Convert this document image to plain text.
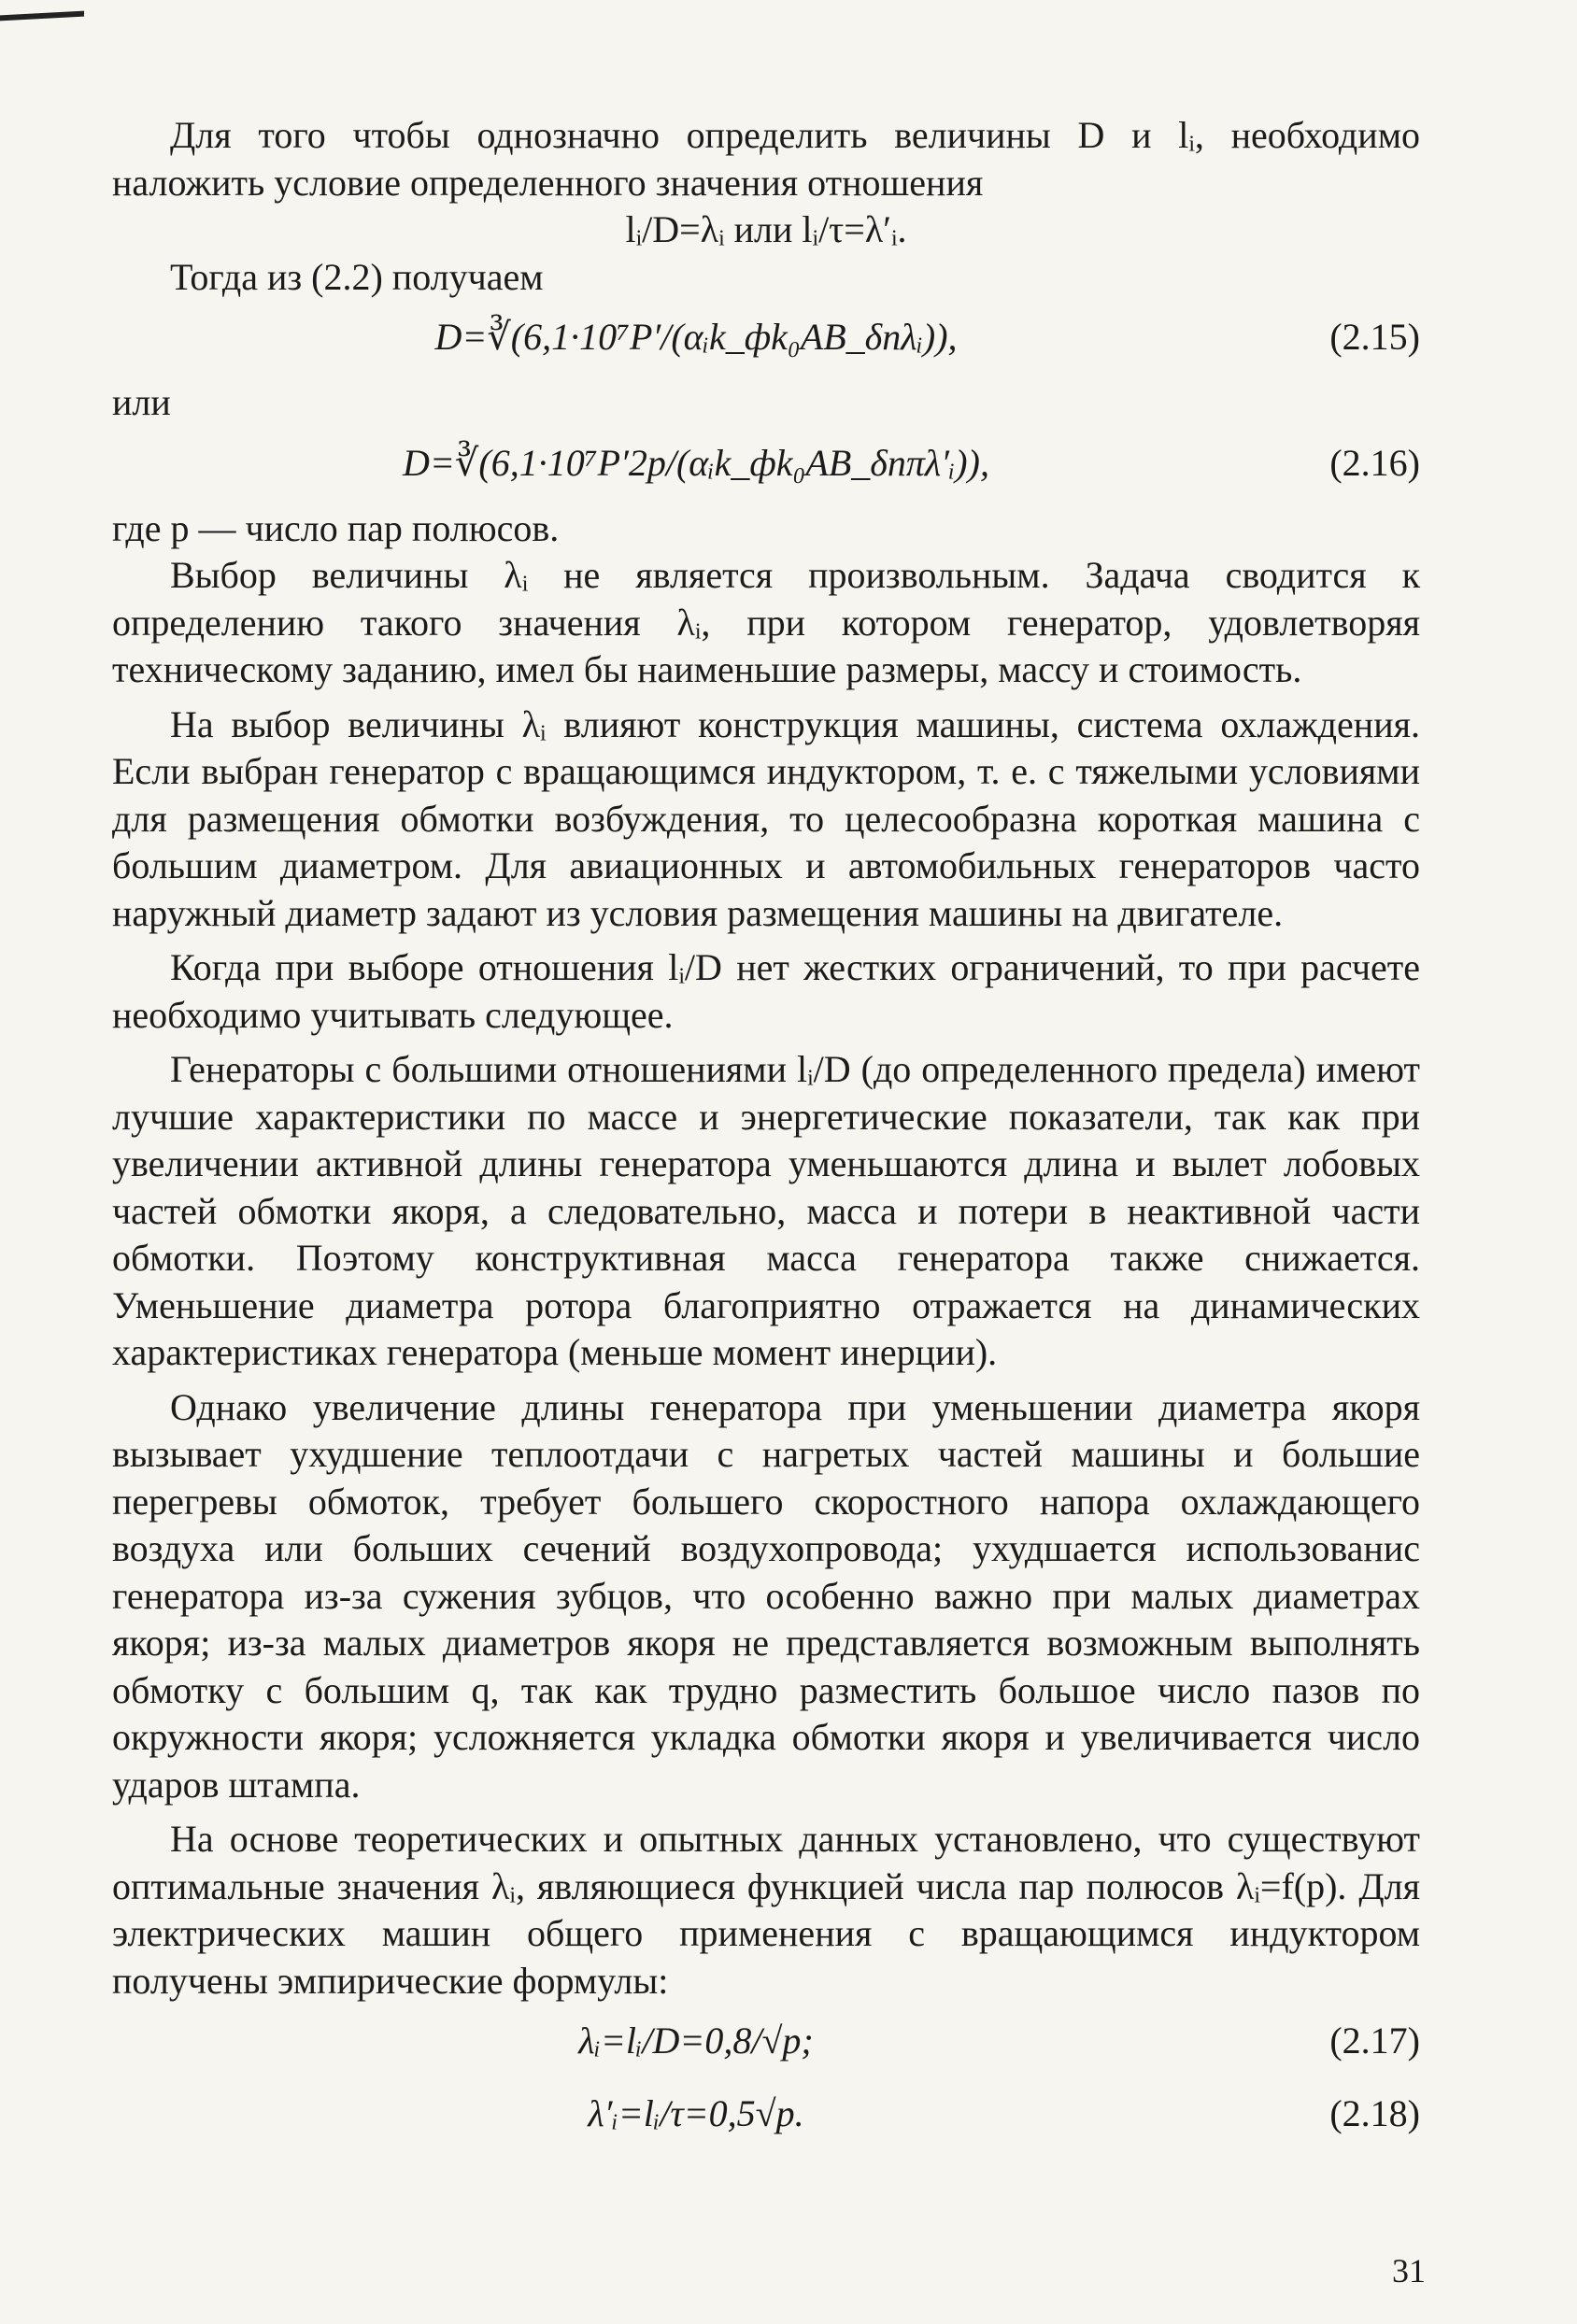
Для того чтобы однозначно определить величины D и lᵢ, необходимо наложить условие определенного значения отношения

lᵢ/D=λᵢ или lᵢ/τ=λ′ᵢ.

Тогда из (2.2) получаем

D=∛(6,1·10⁷P′/(αᵢk_фk₀AB_δnλᵢ)),	(2.15)

или

D=∛(6,1·10⁷P′2p/(αᵢk_фk₀AB_δnπλ′ᵢ)),	(2.16)

где p — число пар полюсов.

Выбор величины λᵢ не является произвольным. Задача сводится к определению такого значения λᵢ, при котором генератор, удовлетворяя техническому заданию, имел бы наименьшие размеры, массу и стоимость.

На выбор величины λᵢ влияют конструкция машины, система охлаждения. Если выбран генератор с вращающимся индуктором, т. е. с тяжелыми условиями для размещения обмотки возбуждения, то целесообразна короткая машина с большим диаметром. Для авиационных и автомобильных генераторов часто наружный диаметр задают из условия размещения машины на двигателе.

Когда при выборе отношения lᵢ/D нет жестких ограничений, то при расчете необходимо учитывать следующее.

Генераторы с большими отношениями lᵢ/D (до определенного предела) имеют лучшие характеристики по массе и энергетические показатели, так как при увеличении активной длины генератора уменьшаются длина и вылет лобовых частей обмотки якоря, а следовательно, масса и потери в неактивной части обмотки. Поэтому конструктивная масса генератора также снижается. Уменьшение диаметра ротора благоприятно отражается на динамических характеристиках генератора (меньше момент инерции).

Однако увеличение длины генератора при уменьшении диаметра якоря вызывает ухудшение теплоотдачи с нагретых частей машины и большие перегревы обмоток, требует большего скоростного напора охлаждающего воздуха или больших сечений воздухопровода; ухудшается использованис генератора из-за сужения зубцов, что особенно важно при малых диаметрах якоря; из-за малых диаметров якоря не представляется возможным выполнять обмотку с большим q, так как трудно разместить большое число пазов по окружности якоря; усложняется укладка обмотки якоря и увеличивается число ударов штампа.

На основе теоретических и опытных данных установлено, что существуют оптимальные значения λᵢ, являющиеся функцией числа пар полюсов λᵢ=f(p). Для электрических машин общего применения с вращающимся индуктором получены эмпирические формулы:

λᵢ=lᵢ/D=0,8/√p;	(2.17)
λ′ᵢ=lᵢ/τ=0,5√p.	(2.18)
31
